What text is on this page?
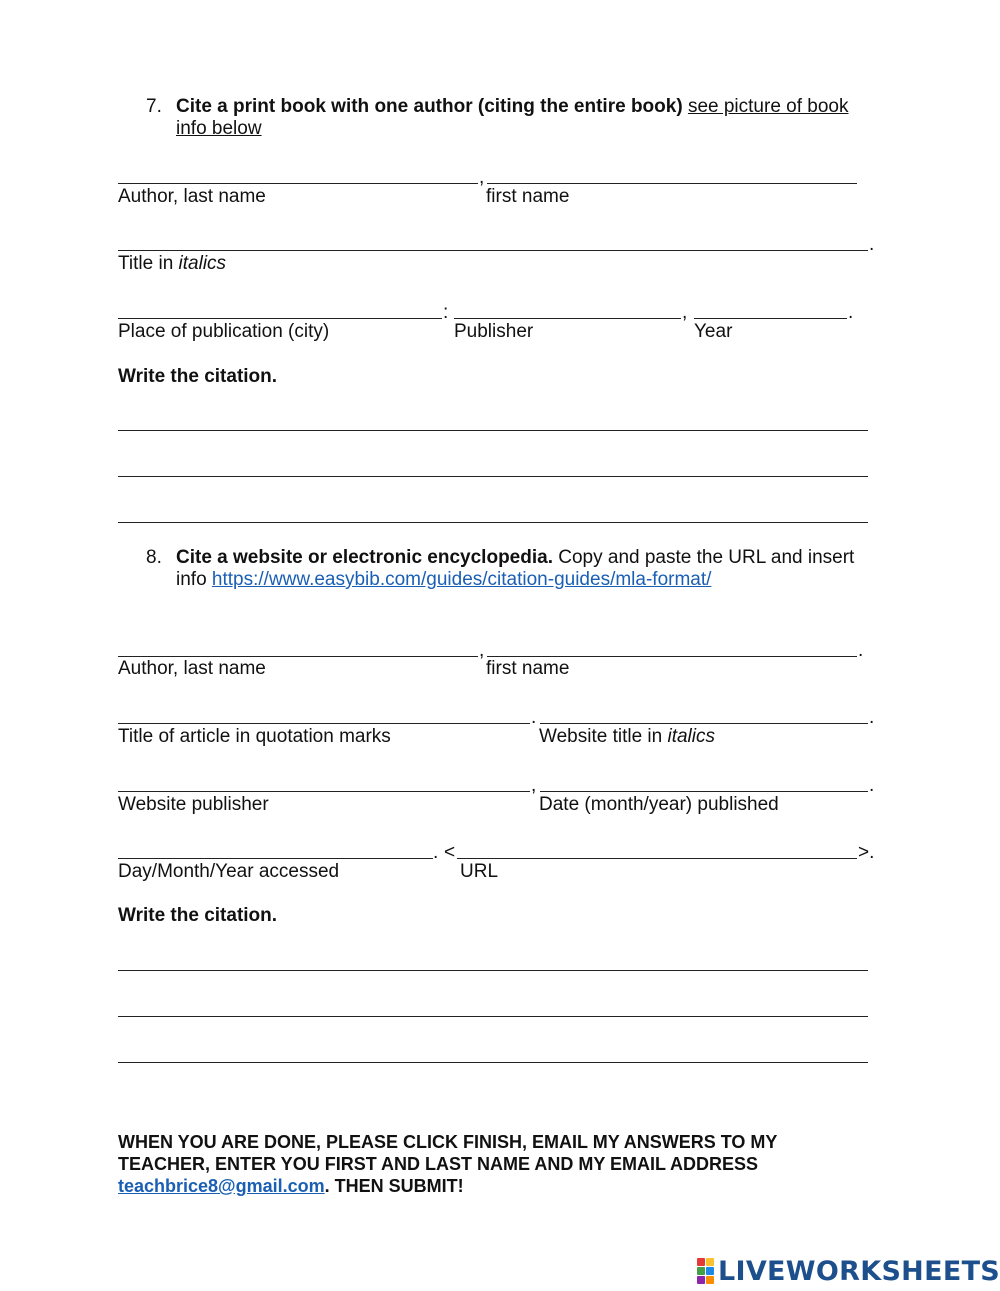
7. Cite a print book with one author (citing the entire book) see picture of book
info below
,
Author, last name	first name
.
Title in italics
:	,	.
Place of publication (city)	Publisher	Year
Write the citation.
8. Cite a website or electronic encyclopedia. Copy and paste the URL and insert
info https://www.easybib.com/guides/citation-guides/mla-format/
,	.
Author, last name	first name
.	.
Title of article in quotation marks	Website title in italics
,	.
Website publisher	Date (month/year) published
. <	>.
Day/Month/Year accessed	URL
Write the citation.
WHEN YOU ARE DONE, PLEASE CLICK FINISH, EMAIL MY ANSWERS TO MY
TEACHER, ENTER YOU FIRST AND LAST NAME AND MY EMAIL ADDRESS
teachbrice8@gmail.com. THEN SUBMIT!
LIVEWORKSHEETS
